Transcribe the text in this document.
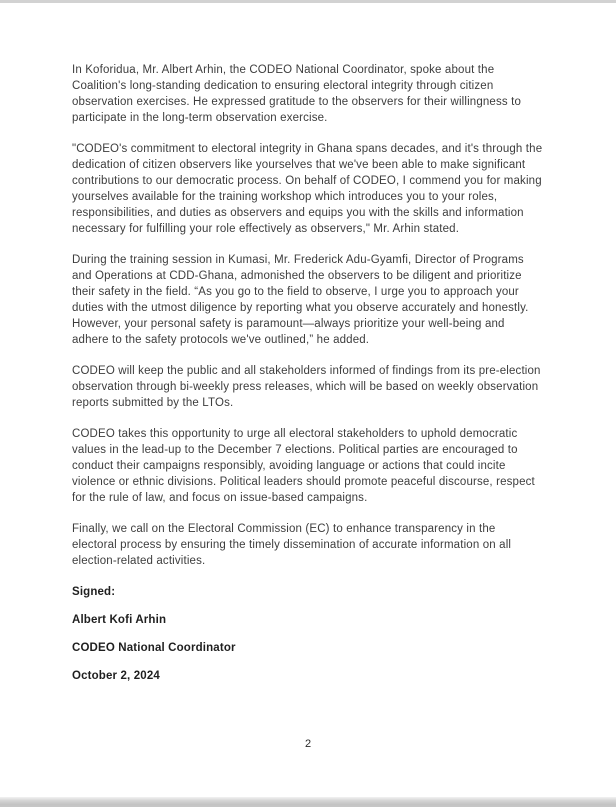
In Koforidua, Mr. Albert Arhin, the CODEO National Coordinator, spoke about the Coalition's long-standing dedication to ensuring electoral integrity through citizen observation exercises. He expressed gratitude to the observers for their willingness to participate in the long-term observation exercise.

"CODEO's commitment to electoral integrity in Ghana spans decades, and it's through the dedication of citizen observers like yourselves that we've been able to make significant contributions to our democratic process. On behalf of CODEO, I commend you for making yourselves available for the training workshop which introduces you to your roles, responsibilities, and duties as observers and equips you with the skills and information necessary for fulfilling your role effectively as observers," Mr. Arhin stated.

During the training session in Kumasi, Mr. Frederick Adu-Gyamfi, Director of Programs and Operations at CDD-Ghana, admonished the observers to be diligent and prioritize their safety in the field. “As you go to the field to observe, I urge you to approach your duties with the utmost diligence by reporting what you observe accurately and honestly. However, your personal safety is paramount—always prioritize your well-being and adhere to the safety protocols we've outlined,” he added.

CODEO will keep the public and all stakeholders informed of findings from its pre-election observation through bi-weekly press releases, which will be based on weekly observation reports submitted by the LTOs.

CODEO takes this opportunity to urge all electoral stakeholders to uphold democratic values in the lead-up to the December 7 elections. Political parties are encouraged to conduct their campaigns responsibly, avoiding language or actions that could incite violence or ethnic divisions. Political leaders should promote peaceful discourse, respect for the rule of law, and focus on issue-based campaigns.

Finally, we call on the Electoral Commission (EC) to enhance transparency in the electoral process by ensuring the timely dissemination of accurate information on all election-related activities.

Signed:

Albert Kofi Arhin

CODEO National Coordinator

October 2, 2024

2
